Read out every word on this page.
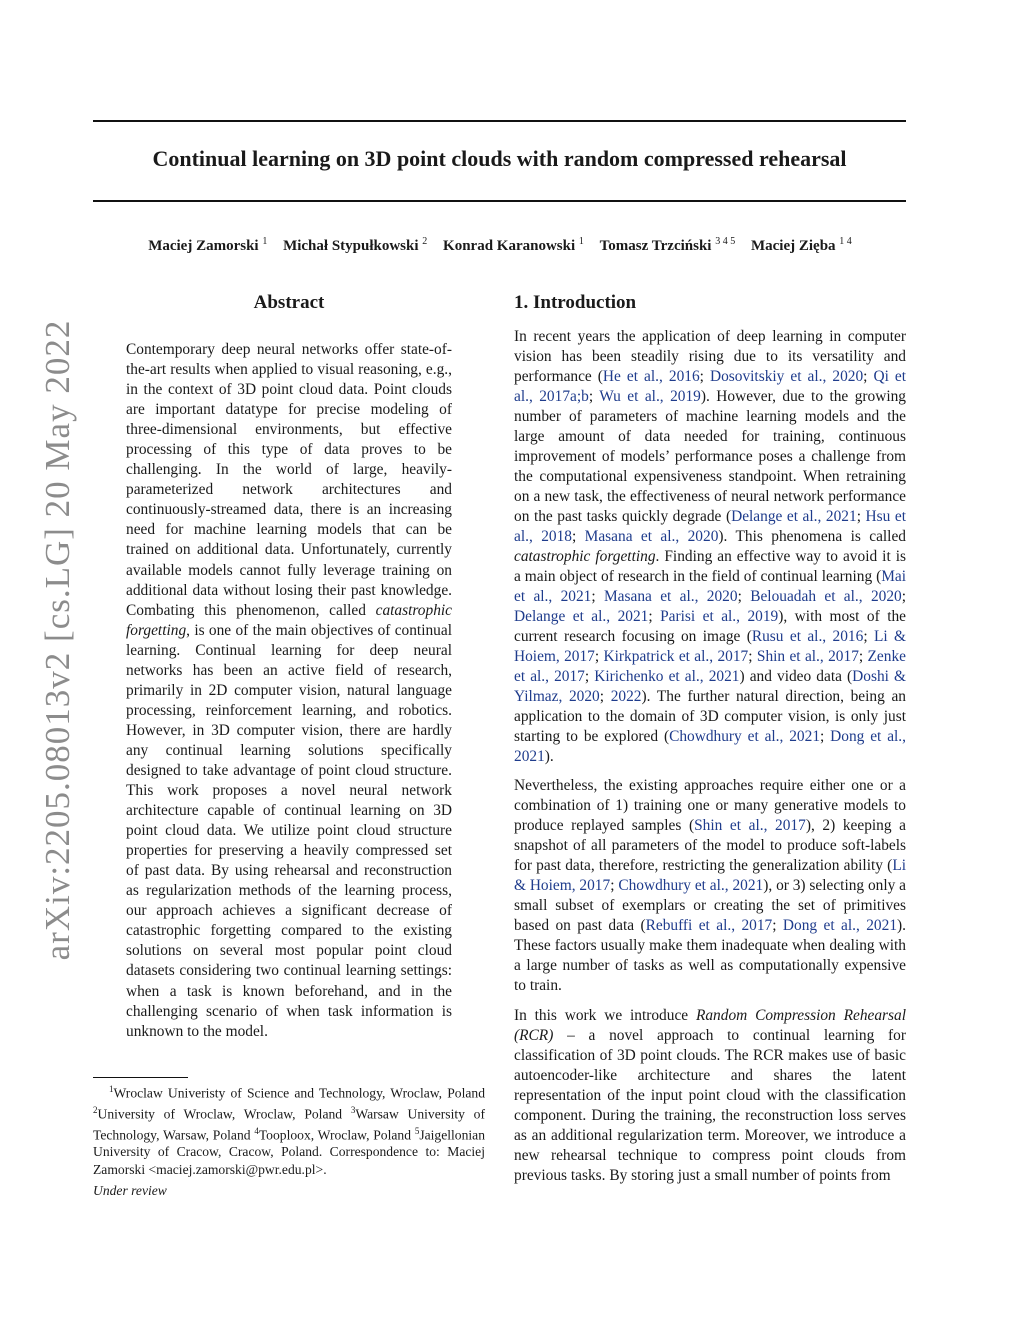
Continual learning on 3D point clouds with random compressed rehearsal
Maciej Zamorski $^1$ Michał Stypułkowski $^2$ Konrad Karanowski $^1$ Tomasz Trzciński $^{3 4 5}$ Maciej Zięba $^{1 4}$
arXiv:2205.08013v2 [cs.LG] 20 May 2022
Abstract

Contemporary deep neural networks offer state-of-the-art results when applied to visual reasoning, e.g., in the context of 3D point cloud data. Point clouds are important datatype for precise modeling of three-dimensional environments, but effective processing of this type of data proves to be challenging. In the world of large, heavily-parameterized network architectures and continuously-streamed data, there is an increasing need for machine learning models that can be trained on additional data. Unfortunately, currently available models cannot fully leverage training on additional data without losing their past knowledge. Combating this phenomenon, called catastrophic forgetting, is one of the main objectives of continual learning. Continual learning for deep neural networks has been an active field of research, primarily in 2D computer vision, natural language processing, reinforcement learning, and robotics. However, in 3D computer vision, there are hardly any continual learning solutions specifically designed to take advantage of point cloud structure. This work proposes a novel neural network architecture capable of continual learning on 3D point cloud data. We utilize point cloud structure properties for preserving a heavily compressed set of past data. By using rehearsal and reconstruction as regularization methods of the learning process, our approach achieves a significant decrease of catastrophic forgetting compared to the existing solutions on several most popular point cloud datasets considering two continual learning settings: when a task is known beforehand, and in the challenging scenario of when task information is unknown to the model.

$^1$Wroclaw Univeristy of Science and Technology, Wroclaw, Poland $^2$University of Wroclaw, Wroclaw, Poland $^3$Warsaw University of Technology, Warsaw, Poland $^4$Tooploox, Wroclaw, Poland $^5$Jaigellonian University of Cracow, Cracow, Poland. Correspondence to: Maciej Zamorski <maciej.zamorski@pwr.edu.pl>.

Under review
1. Introduction

In recent years the application of deep learning in computer vision has been steadily rising due to its versatility and performance (He et al., 2016; Dosovitskiy et al., 2020; Qi et al., 2017a;b; Wu et al., 2019). However, due to the growing number of parameters of machine learning models and the large amount of data needed for training, continuous improvement of models’ performance poses a challenge from the computational expensiveness standpoint. When retraining on a new task, the effectiveness of neural network performance on the past tasks quickly degrade (Delange et al., 2021; Hsu et al., 2018; Masana et al., 2020). This phenomena is called catastrophic forgetting. Finding an effective way to avoid it is a main object of research in the field of continual learning (Mai et al., 2021; Masana et al., 2020; Belouadah et al., 2020; Delange et al., 2021; Parisi et al., 2019), with most of the current research focusing on image (Rusu et al., 2016; Li & Hoiem, 2017; Kirkpatrick et al., 2017; Shin et al., 2017; Zenke et al., 2017; Kirichenko et al., 2021) and video data (Doshi & Yilmaz, 2020; 2022). The further natural direction, being an application to the domain of 3D computer vision, is only just starting to be explored (Chowdhury et al., 2021; Dong et al., 2021).

Nevertheless, the existing approaches require either one or a combination of 1) training one or many generative models to produce replayed samples (Shin et al., 2017), 2) keeping a snapshot of all parameters of the model to produce soft-labels for past data, therefore, restricting the generalization ability (Li & Hoiem, 2017; Chowdhury et al., 2021), or 3) selecting only a small subset of exemplars or creating the set of primitives based on past data (Rebuffi et al., 2017; Dong et al., 2021). These factors usually make them inadequate when dealing with a large number of tasks as well as computationally expensive to train.

In this work we introduce Random Compression Rehearsal (RCR) – a novel approach to continual learning for classification of 3D point clouds. The RCR makes use of basic autoencoder-like architecture and shares the latent representation of the input point cloud with the classification component. During the training, the reconstruction loss serves as an additional regularization term. Moreover, we introduce a new rehearsal technique to compress point clouds from previous tasks. By storing just a small number of points from
